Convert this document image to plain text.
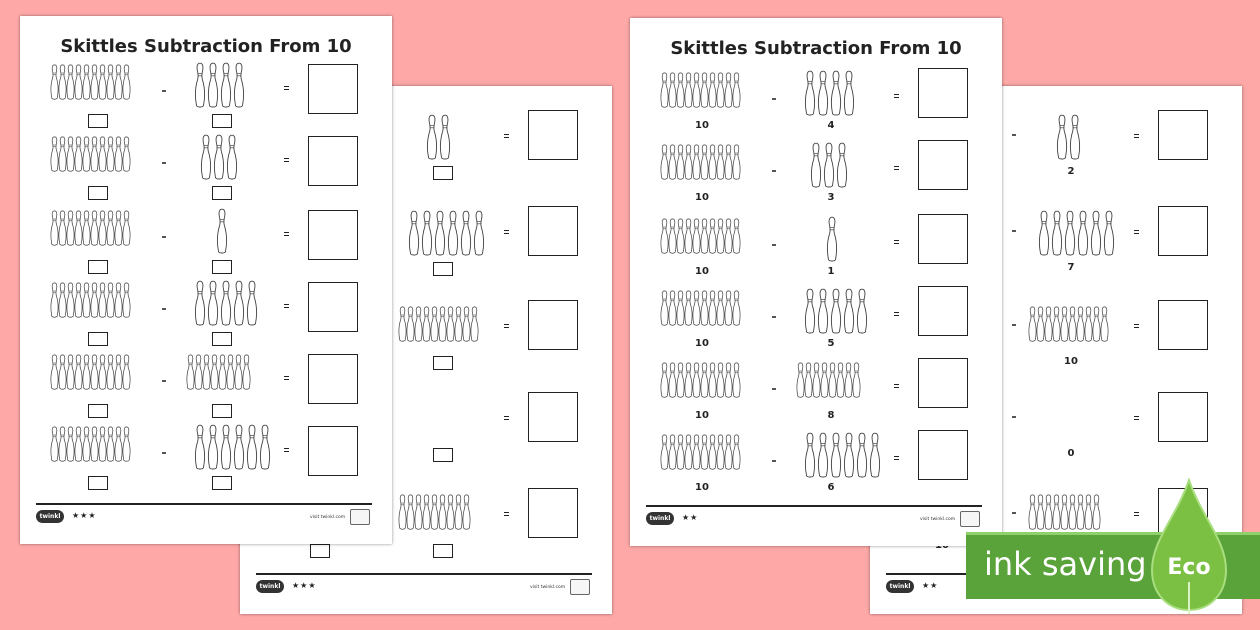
twinkl	★★★	visit twinkl.com
Skittles Subtraction From 10
twinkl	★★★	visit twinkl.com
2
7
10
0
twinkl	★★
Skittles Subtraction From 10
10	4
10	3
10	1
10	5
10	8
10	6
twinkl	★★	visit twinkl.com
ink saving Eco
